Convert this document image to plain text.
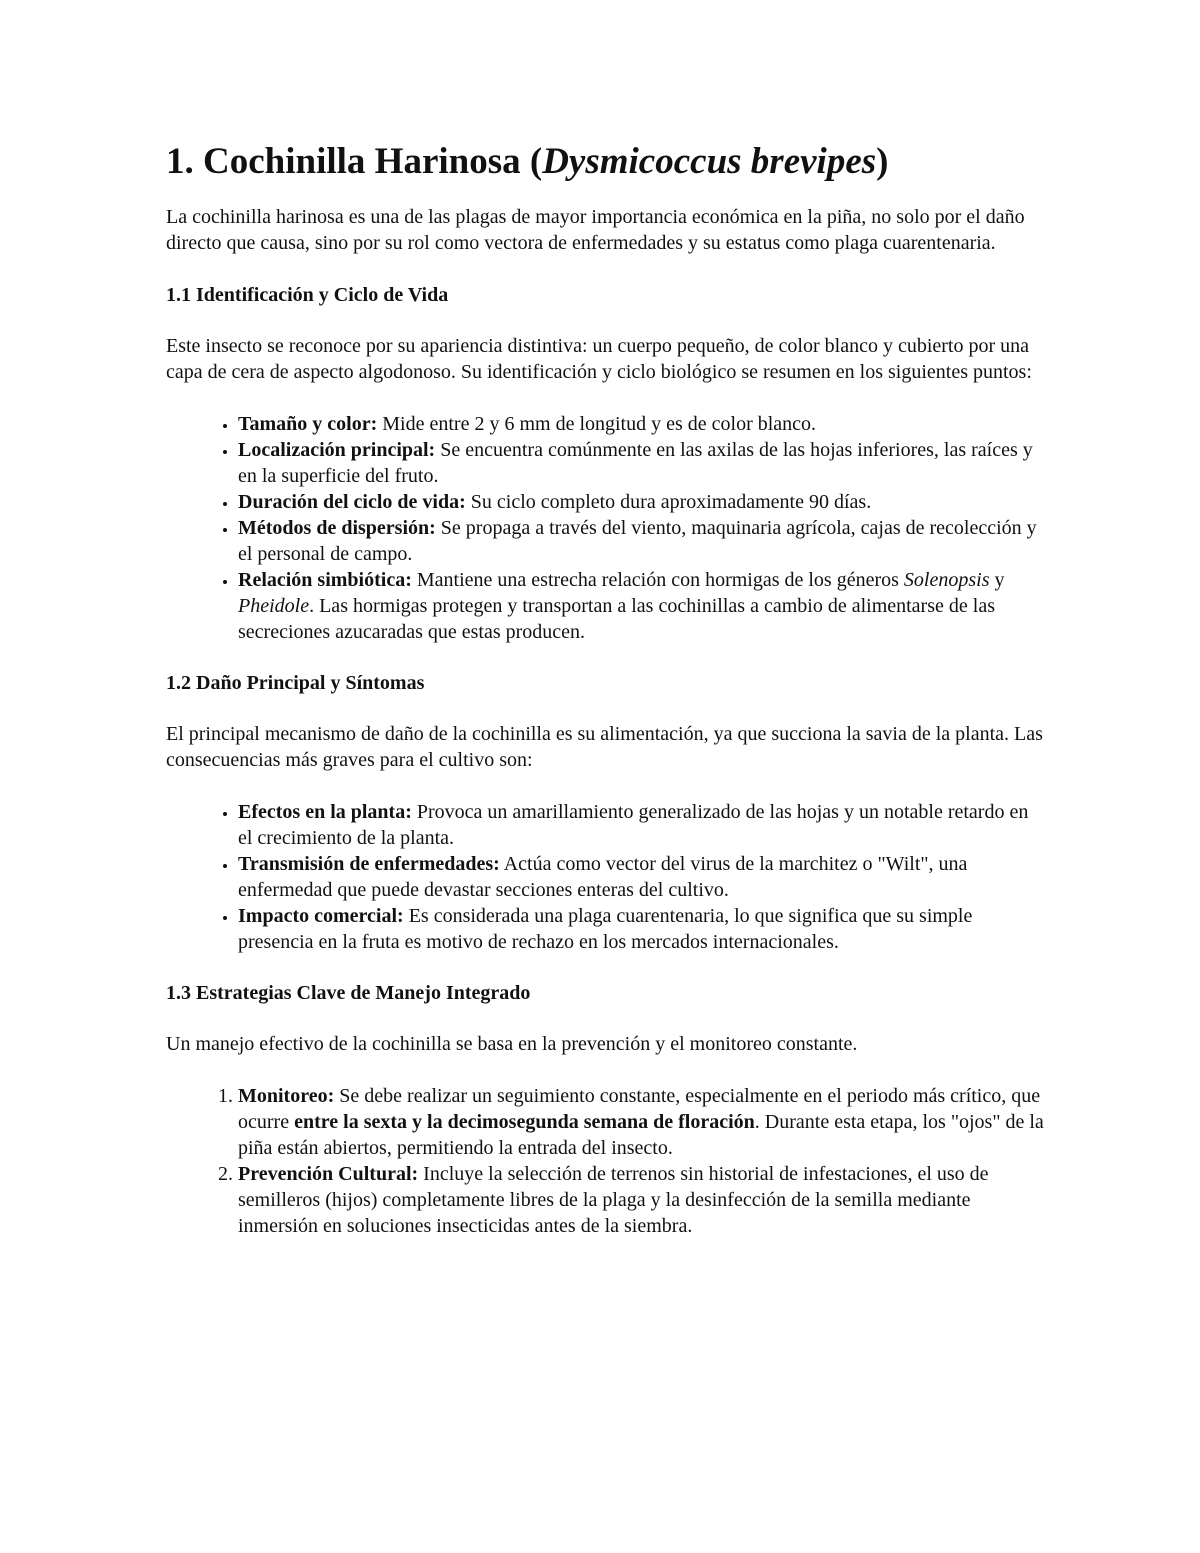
1. Cochinilla Harinosa (Dysmicoccus brevipes)

La cochinilla harinosa es una de las plagas de mayor importancia económica en la piña, no solo por el daño directo que causa, sino por su rol como vectora de enfermedades y su estatus como plaga cuarentenaria.

1.1 Identificación y Ciclo de Vida

Este insecto se reconoce por su apariencia distintiva: un cuerpo pequeño, de color blanco y cubierto por una capa de cera de aspecto algodonoso. Su identificación y ciclo biológico se resumen en los siguientes puntos:

• Tamaño y color: Mide entre 2 y 6 mm de longitud y es de color blanco.
• Localización principal: Se encuentra comúnmente en las axilas de las hojas inferiores, las raíces y en la superficie del fruto.
• Duración del ciclo de vida: Su ciclo completo dura aproximadamente 90 días.
• Métodos de dispersión: Se propaga a través del viento, maquinaria agrícola, cajas de recolección y el personal de campo.
• Relación simbiótica: Mantiene una estrecha relación con hormigas de los géneros Solenopsis y Pheidole. Las hormigas protegen y transportan a las cochinillas a cambio de alimentarse de las secreciones azucaradas que estas producen.
1.2 Daño Principal y Síntomas

El principal mecanismo de daño de la cochinilla es su alimentación, ya que succiona la savia de la planta. Las consecuencias más graves para el cultivo son:

• Efectos en la planta: Provoca un amarillamiento generalizado de las hojas y un notable retardo en el crecimiento de la planta.
• Transmisión de enfermedades: Actúa como vector del virus de la marchitez o "Wilt", una enfermedad que puede devastar secciones enteras del cultivo.
• Impacto comercial: Es considerada una plaga cuarentenaria, lo que significa que su simple presencia en la fruta es motivo de rechazo en los mercados internacionales.
1.3 Estrategias Clave de Manejo Integrado

Un manejo efectivo de la cochinilla se basa en la prevención y el monitoreo constante.

1. Monitoreo: Se debe realizar un seguimiento constante, especialmente en el periodo más crítico, que ocurre entre la sexta y la decimosegunda semana de floración. Durante esta etapa, los "ojos" de la piña están abiertos, permitiendo la entrada del insecto.
2. Prevención Cultural: Incluye la selección de terrenos sin historial de infestaciones, el uso de semilleros (hijos) completamente libres de la plaga y la desinfección de la semilla mediante inmersión en soluciones insecticidas antes de la siembra.
